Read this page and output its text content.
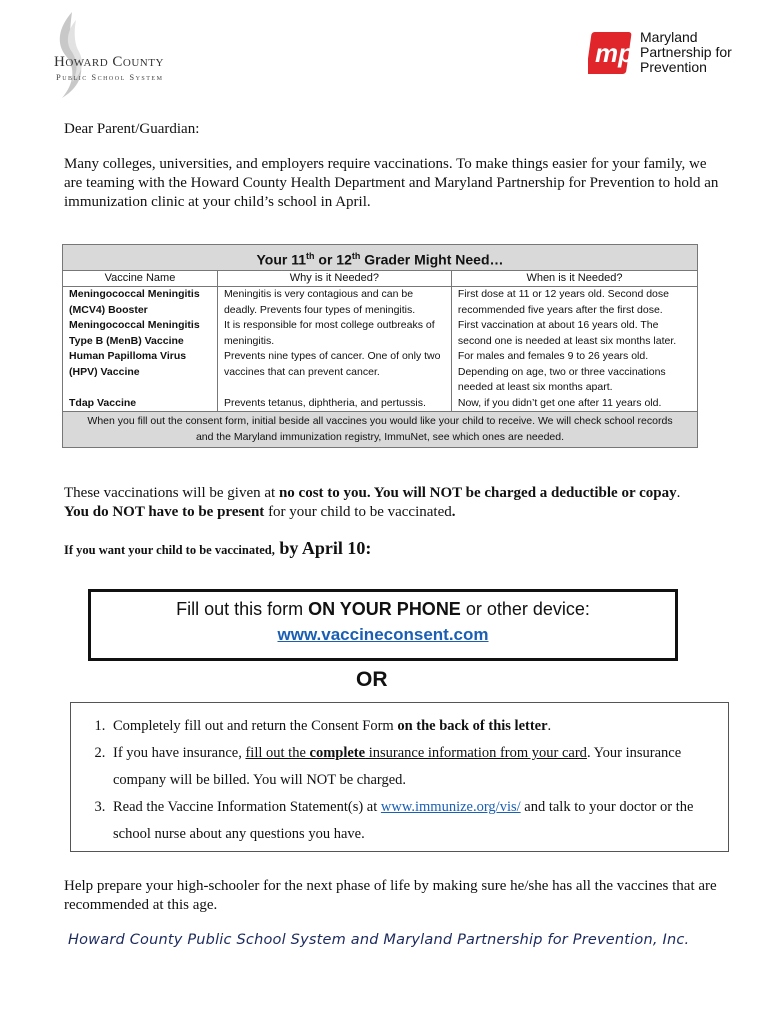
Howard County
Public School System
mp
Maryland
Partnership for
Prevention
Dear Parent/Guardian:
Many colleges, universities, and employers require vaccinations. To make things easier for your family, we are teaming with the Howard County Health Department and Maryland Partnership for Prevention to hold an immunization clinic at your child’s school in April.
Your 11th or 12th Grader Might Need…		
Vaccine Name	Why is it Needed?	When is it Needed?
Meningococcal Meningitis (MCV4) Booster	Meningitis is very contagious and can be deadly. Prevents four types of meningitis.	First dose at 11 or 12 years old. Second dose recommended five years after the first dose.
Meningococcal Meningitis Type B (MenB) Vaccine	It is responsible for most college outbreaks of meningitis.	First vaccination at about 16 years old. The second one is needed at least six months later.
Human Papilloma Virus (HPV) Vaccine	Prevents nine types of cancer. One of only two vaccines that can prevent cancer.	For males and females 9 to 26 years old. Depending on age, two or three vaccinations needed at least six months apart.
Tdap Vaccine	Prevents tetanus, diphtheria, and pertussis.	Now, if you didn’t get one after 11 years old.
When you fill out the consent form, initial beside all vaccines you would like your child to receive. We will check school records and the Maryland immunization registry, ImmuNet, see which ones are needed.		
These vaccinations will be given at no cost to you. You will NOT be charged a deductible or copay.
You do NOT have to be present for your child to be vaccinated.
If you want your child to be vaccinated, by April 10:
Fill out this form ON YOUR PHONE or other device:
www.vaccineconsent.com
OR
1. Completely fill out and return the Consent Form on the back of this letter.
2. If you have insurance, fill out the complete insurance information from your card. Your insurance company will be billed. You will NOT be charged.
3. Read the Vaccine Information Statement(s) at www.immunize.org/vis/ and talk to your doctor or the school nurse about any questions you have.
Help prepare your high-schooler for the next phase of life by making sure he/she has all the vaccines that are recommended at this age.
Howard County Public School System and Maryland Partnership for Prevention, Inc.
